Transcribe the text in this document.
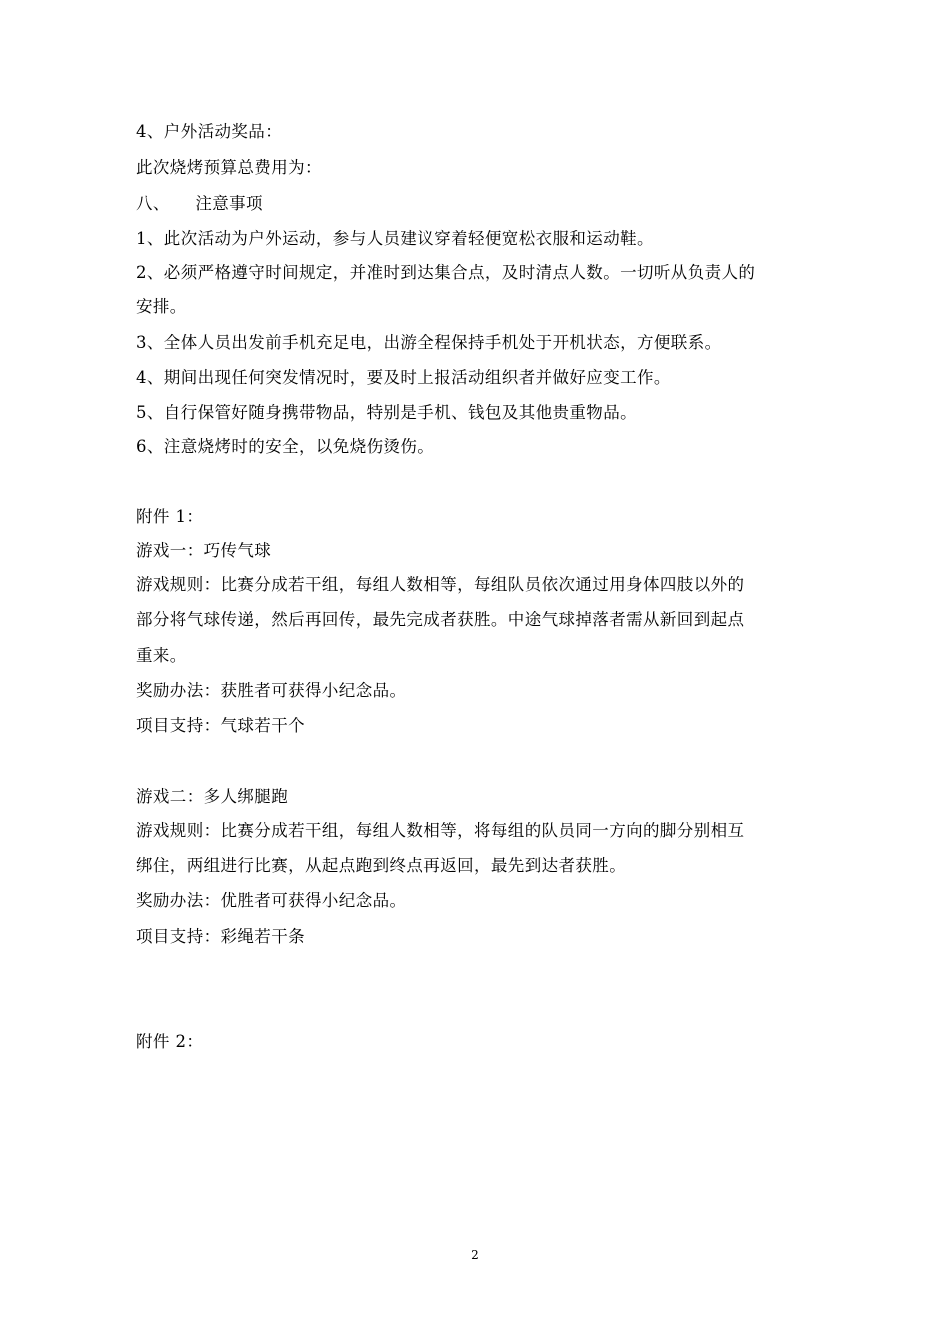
4、户外活动奖品：
此次烧烤预算总费用为：
八、　　注意事项
1、此次活动为户外运动，参与人员建议穿着轻便宽松衣服和运动鞋。
2、必须严格遵守时间规定，并准时到达集合点，及时清点人数。一切听从负责人的
安排。
3、全体人员出发前手机充足电，出游全程保持手机处于开机状态，方便联系。
4、期间出现任何突发情况时，要及时上报活动组织者并做好应变工作。
5、自行保管好随身携带物品，特别是手机、钱包及其他贵重物品。
6、注意烧烤时的安全，以免烧伤烫伤。
附件 1：
游戏一：巧传气球
游戏规则：比赛分成若干组，每组人数相等，每组队员依次通过用身体四肢以外的
部分将气球传递，然后再回传，最先完成者获胜。中途气球掉落者需从新回到起点
重来。
奖励办法：获胜者可获得小纪念品。
项目支持：气球若干个
游戏二：多人绑腿跑
游戏规则：比赛分成若干组，每组人数相等，将每组的队员同一方向的脚分别相互
绑住，两组进行比赛，从起点跑到终点再返回，最先到达者获胜。
奖励办法：优胜者可获得小纪念品。
项目支持：彩绳若干条
附件 2：
2
